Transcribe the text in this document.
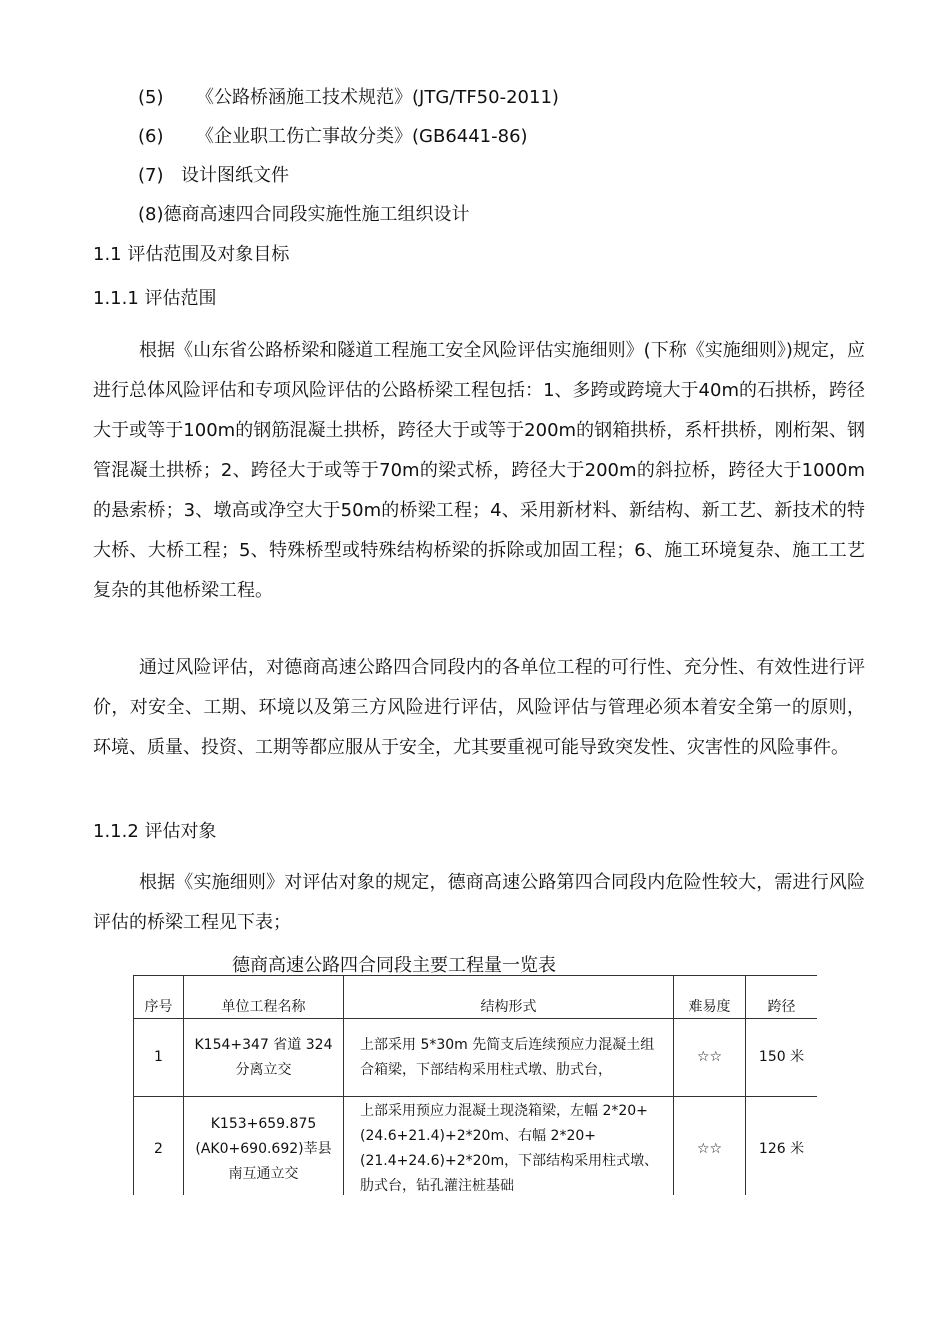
(5) 《公路桥涵施工技术规范》(JTG/TF50-2011)
(6) 《企业职工伤亡事故分类》(GB6441-86)
(7) 设计图纸文件
(8)德商高速四合同段实施性施工组织设计
1.1 评估范围及对象目标
1.1.1 评估范围
根据《山东省公路桥梁和隧道工程施工安全风险评估实施细则》(下称《实施细则》)规定，应进行总体风险评估和专项风险评估的公路桥梁工程包括：1、多跨或跨境大于40m的石拱桥，跨径大于或等于100m的钢筋混凝土拱桥，跨径大于或等于200m的钢箱拱桥，系杆拱桥，刚桁架、钢管混凝土拱桥；2、跨径大于或等于70m的梁式桥，跨径大于200m的斜拉桥，跨径大于1000m的悬索桥；3、墩高或净空大于50m的桥梁工程；4、采用新材料、新结构、新工艺、新技术的特大桥、大桥工程；5、特殊桥型或特殊结构桥梁的拆除或加固工程；6、施工环境复杂、施工工艺复杂的其他桥梁工程。
通过风险评估，对德商高速公路四合同段内的各单位工程的可行性、充分性、有效性进行评价，对安全、工期、环境以及第三方风险进行评估，风险评估与管理必须本着安全第一的原则，环境、质量、投资、工期等都应服从于安全，尤其要重视可能导致突发性、灾害性的风险事件。
1.1.2 评估对象
根据《实施细则》对评估对象的规定，德商高速公路第四合同段内危险性较大，需进行风险评估的桥梁工程见下表；
德商高速公路四合同段主要工程量一览表
序号	单位工程名称	结构形式	难易度	跨径
1	K154+347 省道 324 分离立交	上部采用 5*30m 先简支后连续预应力混凝土组合箱梁，下部结构采用柱式墩、肋式台，	☆☆	150 米
2	K153+659.875 (AK0+690.692)莘县南互通立交	上部采用预应力混凝土现浇箱梁，左幅 2*20+(24.6+21.4)+2*20m、右幅 2*20+(21.4+24.6)+2*20m，下部结构采用柱式墩、肋式台，钻孔灌注桩基础	☆☆	126 米
